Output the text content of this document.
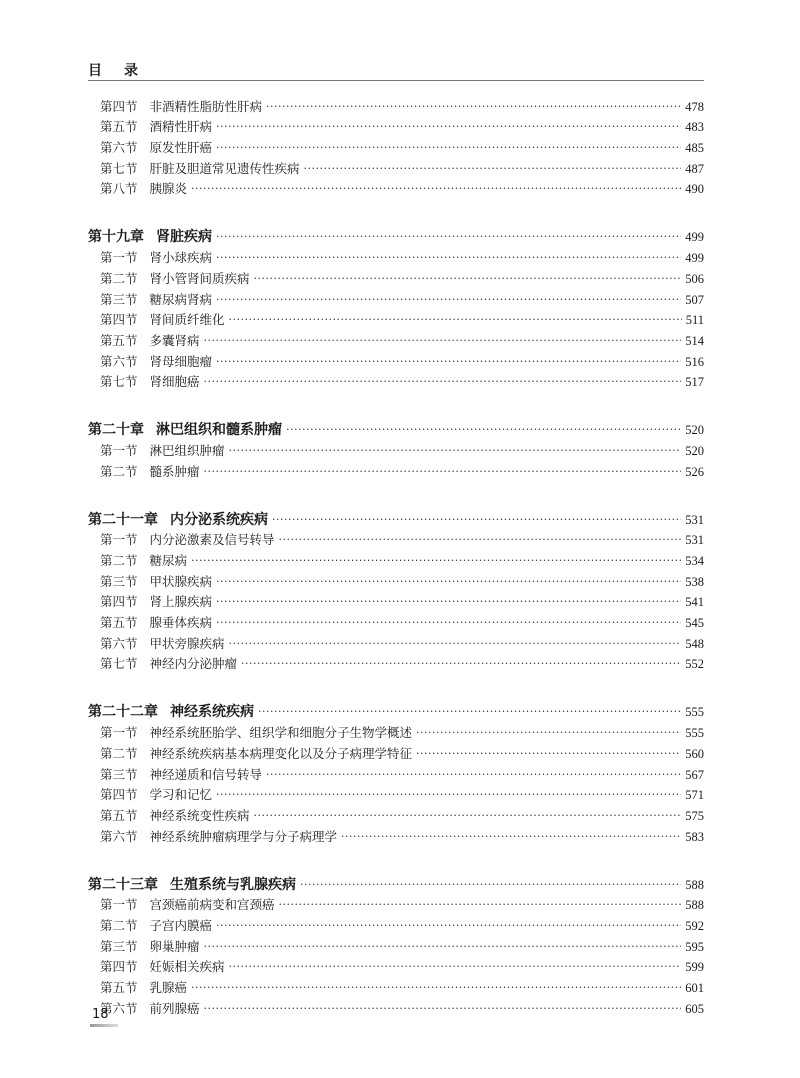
目 录
第四节 非酒精性脂肪性肝病 ·····	478
第五节 酒精性肝病 ·····	483
第六节 原发性肝癌 ·····	485
第七节 肝脏及胆道常见遗传性疾病 ·····	487
第八节 胰腺炎 ·····	490
第十九章 肾脏疾病 ·····	499
第一节 肾小球疾病 ·····	499
第二节 肾小管肾间质疾病 ·····	506
第三节 糖尿病肾病 ·····	507
第四节 肾间质纤维化 ·····	511
第五节 多囊肾病 ·····	514
第六节 肾母细胞瘤 ·····	516
第七节 肾细胞癌 ·····	517
第二十章 淋巴组织和髓系肿瘤 ·····	520
第一节 淋巴组织肿瘤 ·····	520
第二节 髓系肿瘤 ·····	526
第二十一章 内分泌系统疾病 ·····	531
第一节 内分泌激素及信号转导 ·····	531
第二节 糖尿病 ·····	534
第三节 甲状腺疾病 ·····	538
第四节 肾上腺疾病 ·····	541
第五节 腺垂体疾病 ·····	545
第六节 甲状旁腺疾病 ·····	548
第七节 神经内分泌肿瘤 ·····	552
第二十二章 神经系统疾病 ·····	555
第一节 神经系统胚胎学、组织学和细胞分子生物学概述 ·····	555
第二节 神经系统疾病基本病理变化以及分子病理学特征 ·····	560
第三节 神经递质和信号转导 ·····	567
第四节 学习和记忆 ·····	571
第五节 神经系统变性疾病 ·····	575
第六节 神经系统肿瘤病理学与分子病理学 ·····	583
第二十三章 生殖系统与乳腺疾病 ·····	588
第一节 宫颈癌前病变和宫颈癌 ·····	588
第二节 子宫内膜癌 ·····	592
第三节 卵巢肿瘤 ·····	595
第四节 妊娠相关疾病 ·····	599
第五节 乳腺癌 ·····	601
第六节 前列腺癌 ·····	605
18
